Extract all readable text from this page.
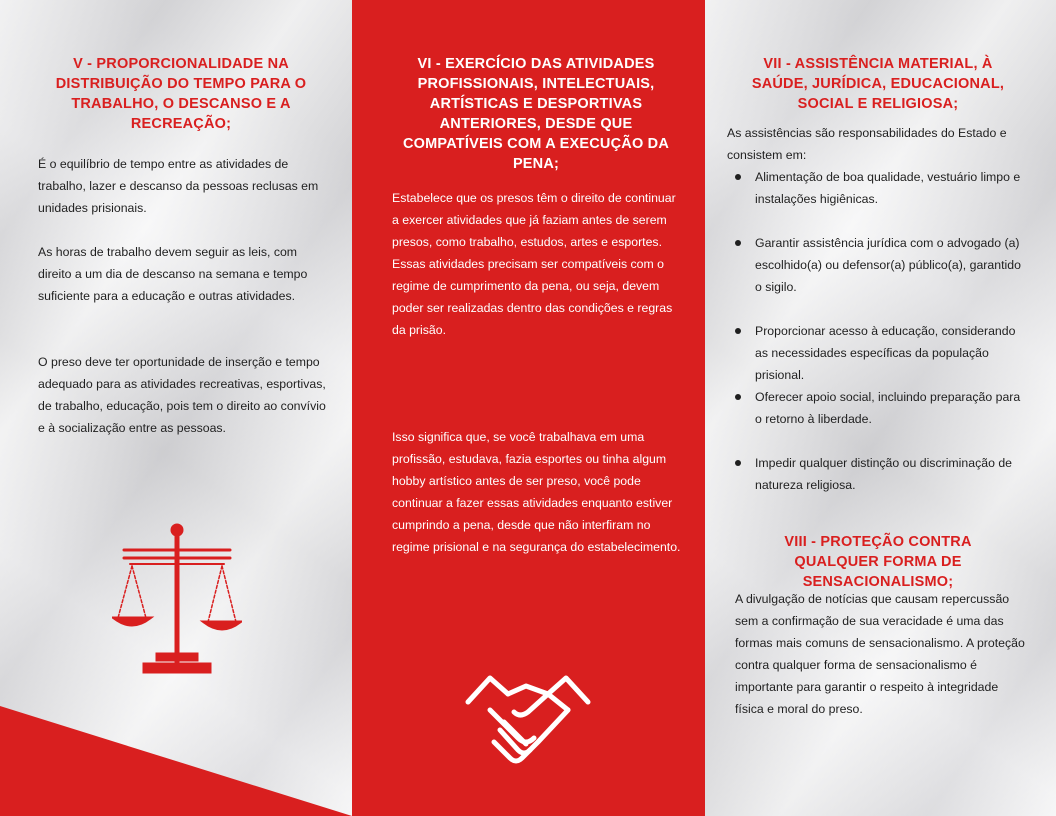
V - PROPORCIONALIDADE NA DISTRIBUIÇÃO DO TEMPO PARA O TRABALHO, O DESCANSO E A RECREAÇÃO;

É o equilíbrio de tempo entre as atividades de trabalho, lazer e descanso da pessoas reclusas em unidades prisionais.

As horas de trabalho devem seguir as leis, com direito a um dia de descanso na semana e tempo suficiente para a educação e outras atividades.

O preso deve ter oportunidade de inserção e tempo adequado para as atividades recreativas, esportivas, de trabalho, educação, pois tem o direito ao convívio e à socialização entre as pessoas.

VI - EXERCÍCIO DAS ATIVIDADES PROFISSIONAIS, INTELECTUAIS, ARTÍSTICAS E DESPORTIVAS ANTERIORES, DESDE QUE COMPATÍVEIS COM A EXECUÇÃO DA PENA;

Estabelece que os presos têm o direito de continuar a exercer atividades que já faziam antes de serem presos, como trabalho, estudos, artes e esportes. Essas atividades precisam ser compatíveis com o regime de cumprimento da pena, ou seja, devem poder ser realizadas dentro das condições e regras da prisão.

Isso significa que, se você trabalhava em uma profissão, estudava, fazia esportes ou tinha algum hobby artístico antes de ser preso, você pode continuar a fazer essas atividades enquanto estiver cumprindo a pena, desde que não interfiram no regime prisional e na segurança do estabelecimento.

VII - ASSISTÊNCIA MATERIAL, À SAÚDE, JURÍDICA, EDUCACIONAL, SOCIAL E RELIGIOSA;

As assistências são responsabilidades do Estado e consistem em:

Alimentação de boa qualidade, vestuário limpo e instalações higiênicas.
Garantir assistência jurídica com o advogado (a) escolhido(a) ou defensor(a) público(a), garantido o sigilo.
Proporcionar acesso à educação, considerando as necessidades específicas da população prisional.
Oferecer apoio social, incluindo preparação para o retorno à liberdade.
Impedir qualquer distinção ou discriminação de natureza religiosa.
VIII - PROTEÇÃO CONTRA QUALQUER FORMA DE SENSACIONALISMO;

A divulgação de notícias que causam repercussão sem a confirmação de sua veracidade é uma das formas mais comuns de sensacionalismo. A proteção contra qualquer forma de sensacionalismo é importante para garantir o respeito à integridade física e moral do preso.
